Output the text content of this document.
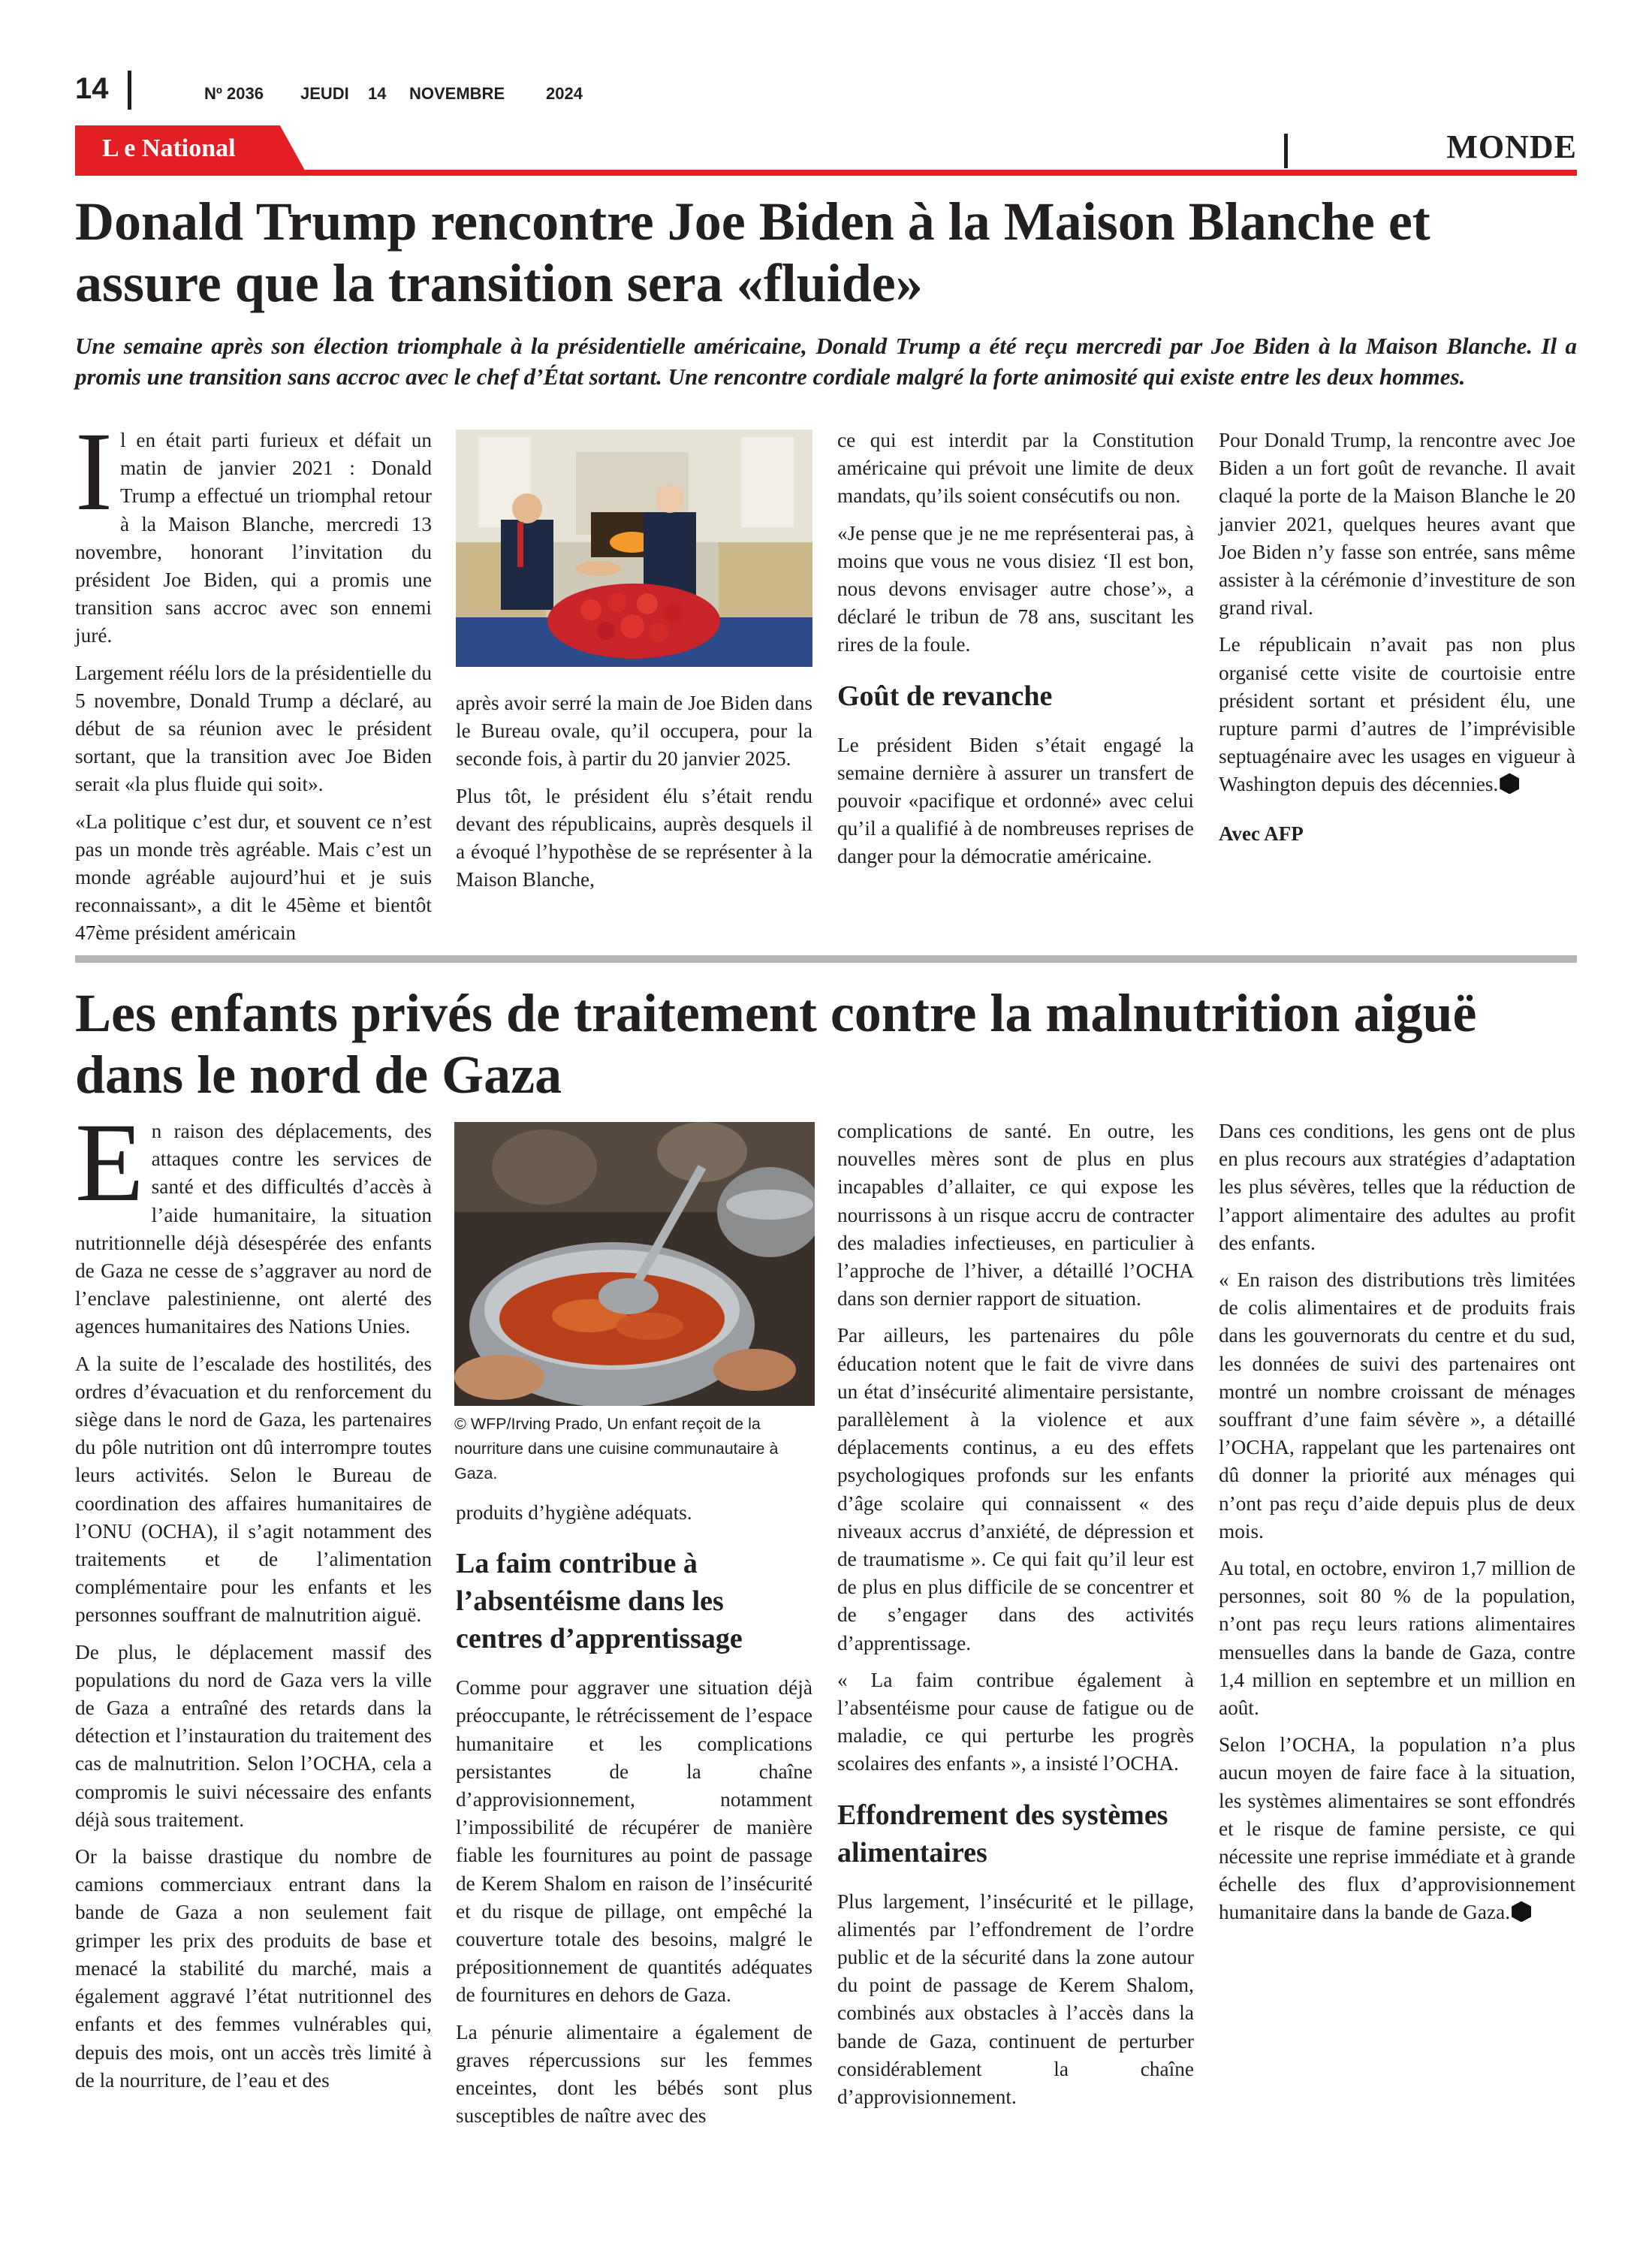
14	Nº 2036 JEUDI 14 NOVEMBRE 2024
L e National	MONDE
Donald Trump rencontre Joe Biden à la Maison Blanche et
assure que la transition sera «fluide»
Une semaine après son élection triomphale à la présidentielle américaine, Donald Trump a été reçu mercredi par Joe Biden à la Maison Blanche. Il a promis une transition sans accroc avec le chef d’État sortant. Une rencontre cordiale malgré la forte animosité qui existe entre les deux hommes.

Il en était parti furieux et défait un matin de janvier 2021 : Donald Trump a effectué un triomphal retour à la Maison Blanche, mercredi 13 novembre, honorant l’invitation du président Joe Biden, qui a promis une transition sans accroc avec son ennemi juré.

Largement réélu lors de la présidentielle du 5 novembre, Donald Trump a déclaré, au début de sa réunion avec le président sortant, que la transition avec Joe Biden serait «la plus fluide qui soit».

«La politique c’est dur, et souvent ce n’est pas un monde très agréable. Mais c’est un monde agréable aujourd’hui et je suis reconnaissant», a dit le 45ème et bientôt 47ème président américain

après avoir serré la main de Joe Biden dans le Bureau ovale, qu’il occupera, pour la seconde fois, à partir du 20 janvier 2025.

Plus tôt, le président élu s’était rendu devant des républicains, auprès desquels il a évoqué l’hypothèse de se représenter à la Maison Blanche,

ce qui est interdit par la Constitution américaine qui prévoit une limite de deux mandats, qu’ils soient consécutifs ou non.

«Je pense que je ne me représenterai pas, à moins que vous ne vous disiez ‘Il est bon, nous devons envisager autre chose’», a déclaré le tribun de 78 ans, suscitant les rires de la foule.

Goût de revanche

Le président Biden s’était engagé la semaine dernière à assurer un transfert de pouvoir «pacifique et ordonné» avec celui qu’il a qualifié à de nombreuses reprises de danger pour la démocratie américaine.

Pour Donald Trump, la rencontre avec Joe Biden a un fort goût de revanche. Il avait claqué la porte de la Maison Blanche le 20 janvier 2021, quelques heures avant que Joe Biden n’y fasse son entrée, sans même assister à la cérémonie d’investiture de son grand rival.

Le républicain n’avait pas non plus organisé cette visite de courtoisie entre président sortant et président élu, une rupture parmi d’autres de l’imprévisible septuagénaire avec les usages en vigueur à Washington depuis des décennies.

Avec AFP
Les enfants privés de traitement contre la malnutrition aiguë
dans le nord de Gaza

En raison des déplacements, des attaques contre les services de santé et des difficultés d’accès à l’aide humanitaire, la situation nutritionnelle déjà désespérée des enfants de Gaza ne cesse de s’aggraver au nord de l’enclave palestinienne, ont alerté des agences humanitaires des Nations Unies.

A la suite de l’escalade des hostilités, des ordres d’évacuation et du renforcement du siège dans le nord de Gaza, les partenaires du pôle nutrition ont dû interrompre toutes leurs activités. Selon le Bureau de coordination des affaires humanitaires de l’ONU (OCHA), il s’agit notamment des traitements et de l’alimentation complémentaire pour les enfants et les personnes souffrant de malnutrition aiguë.

De plus, le déplacement massif des populations du nord de Gaza vers la ville de Gaza a entraîné des retards dans la détection et l’instauration du traitement des cas de malnutrition. Selon l’OCHA, cela a compromis le suivi nécessaire des enfants déjà sous traitement.

Or la baisse drastique du nombre de camions commerciaux entrant dans la bande de Gaza a non seulement fait grimper les prix des produits de base et menacé la stabilité du marché, mais a également aggravé l’état nutritionnel des enfants et des femmes vulnérables qui, depuis des mois, ont un accès très limité à de la nourriture, de l’eau et des

© WFP/Irving Prado, Un enfant reçoit de la nourriture dans une cuisine communautaire à Gaza.

produits d’hygiène adéquats.

La faim contribue à l’absentéisme dans les centres d’apprentissage

Comme pour aggraver une situation déjà préoccupante, le rétrécissement de l’espace humanitaire et les complications persistantes de la chaîne d’approvisionnement, notamment l’impossibilité de récupérer de manière fiable les fournitures au point de passage de Kerem Shalom en raison de l’insécurité et du risque de pillage, ont empêché la couverture totale des besoins, malgré le prépositionnement de quantités adéquates de fournitures en dehors de Gaza.

La pénurie alimentaire a également de graves répercussions sur les femmes enceintes, dont les bébés sont plus susceptibles de naître avec des

complications de santé. En outre, les nouvelles mères sont de plus en plus incapables d’allaiter, ce qui expose les nourrissons à un risque accru de contracter des maladies infectieuses, en particulier à l’approche de l’hiver, a détaillé l’OCHA dans son dernier rapport de situation.

Par ailleurs, les partenaires du pôle éducation notent que le fait de vivre dans un état d’insécurité alimentaire persistante, parallèlement à la violence et aux déplacements continus, a eu des effets psychologiques profonds sur les enfants d’âge scolaire qui connaissent « des niveaux accrus d’anxiété, de dépression et de traumatisme ». Ce qui fait qu’il leur est de plus en plus difficile de se concentrer et de s’engager dans des activités d’apprentissage.

« La faim contribue également à l’absentéisme pour cause de fatigue ou de maladie, ce qui perturbe les progrès scolaires des enfants », a insisté l’OCHA.

Effondrement des systèmes alimentaires

Plus largement, l’insécurité et le pillage, alimentés par l’effondrement de l’ordre public et de la sécurité dans la zone autour du point de passage de Kerem Shalom, combinés aux obstacles à l’accès dans la bande de Gaza, continuent de perturber considérablement la chaîne d’approvisionnement.

Dans ces conditions, les gens ont de plus en plus recours aux stratégies d’adaptation les plus sévères, telles que la réduction de l’apport alimentaire des adultes au profit des enfants.

« En raison des distributions très limitées de colis alimentaires et de produits frais dans les gouvernorats du centre et du sud, les données de suivi des partenaires ont montré un nombre croissant de ménages souffrant d’une faim sévère », a détaillé l’OCHA, rappelant que les partenaires ont dû donner la priorité aux ménages qui n’ont pas reçu d’aide depuis plus de deux mois.

Au total, en octobre, environ 1,7 million de personnes, soit 80 % de la population, n’ont pas reçu leurs rations alimentaires mensuelles dans la bande de Gaza, contre 1,4 million en septembre et un million en août.

Selon l’OCHA, la population n’a plus aucun moyen de faire face à la situation, les systèmes alimentaires se sont effondrés et le risque de famine persiste, ce qui nécessite une reprise immédiate et à grande échelle des flux d’approvisionnement humanitaire dans la bande de Gaza.
